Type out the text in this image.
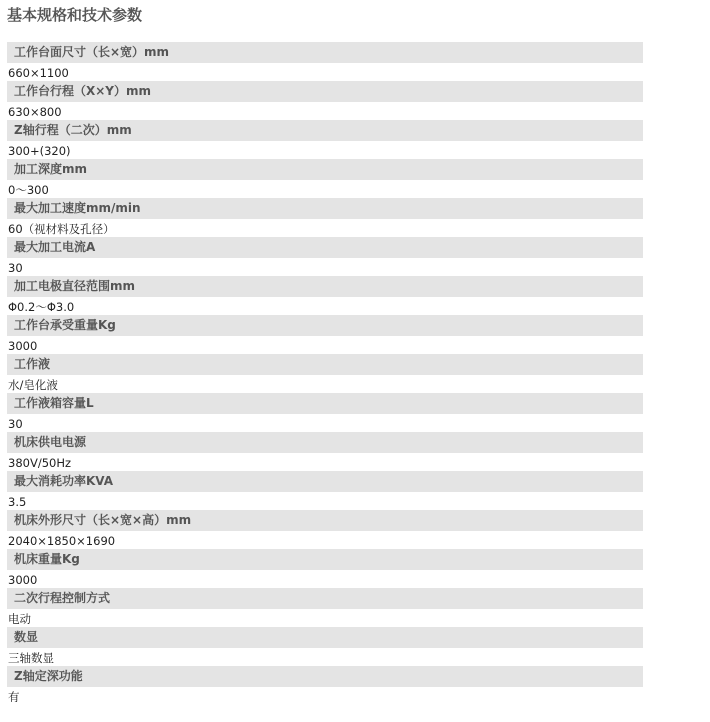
基本规格和技术参数
工作台面尺寸（长×宽）mm
660×1100
工作台行程（X×Y）mm
630×800
Z轴行程（二次）mm
300+(320)
加工深度mm
0～300
最大加工速度mm/min
60（视材料及孔径）
最大加工电流A
30
加工电极直径范围mm
Φ0.2～Φ3.0
工作台承受重量Kg
3000
工作液
水/皂化液
工作液箱容量L
30
机床供电电源
380V/50Hz
最大消耗功率KVA
3.5
机床外形尺寸（长×宽×高）mm
2040×1850×1690
机床重量Kg
3000
二次行程控制方式
电动
数显
三轴数显
Z轴定深功能
有
